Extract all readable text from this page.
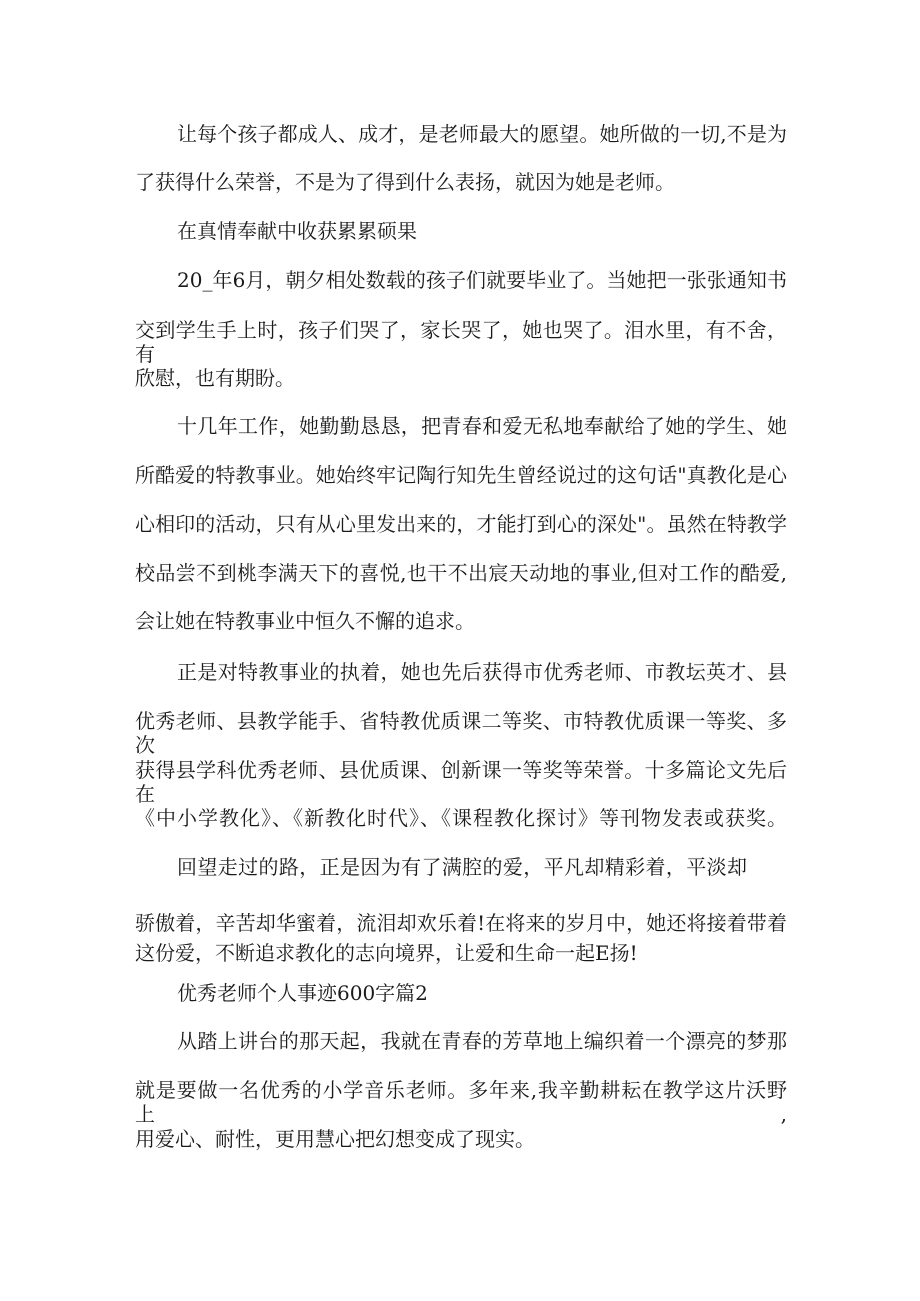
让每个孩子都成人、成才，是老师最大的愿望。她所做的一切,不是为
了获得什么荣誉，不是为了得到什么表扬，就因为她是老师。
在真情奉献中收获累累硕果
20_年6月，朝夕相处数载的孩子们就要毕业了。当她把一张张通知书
交到学生手上时，孩子们哭了，家长哭了，她也哭了。泪水里，有不舍，有
欣慰，也有期盼。
十几年工作，她勤勤恳恳，把青春和爱无私地奉献给了她的学生、她
所酷爱的特教事业。她始终牢记陶行知先生曾经说过的这句话"真教化是心
心相印的活动，只有从心里发出来的，才能打到心的深处"。虽然在特教学
校品尝不到桃李满天下的喜悦,也干不出宸天动地的事业,但对工作的酷爱,
会让她在特教事业中恒久不懈的追求。
正是对特教事业的执着，她也先后获得市优秀老师、市教坛英才、县
优秀老师、县教学能手、省特教优质课二等奖、市特教优质课一等奖、多次
获得县学科优秀老师、县优质课、创新课一等奖等荣誉。十多篇论文先后在
《中小学教化》、《新教化时代》、《课程教化探讨》等刊物发表或获奖。
回望走过的路，正是因为有了满腔的爱，平凡却精彩着，平淡却
骄傲着，辛苦却华蜜着，流泪却欢乐着!在将来的岁月中，她还将接着带着
这份爱，不断追求教化的志向境界，让爱和生命一起E扬!
优秀老师个人事迹600字篇2
从踏上讲台的那天起，我就在青春的芳草地上编织着一个漂亮的梦那
就是要做一名优秀的小学音乐老师。多年来,我辛勤耕耘在教学这片沃野上,
用爱心、耐性，更用慧心把幻想变成了现实。
